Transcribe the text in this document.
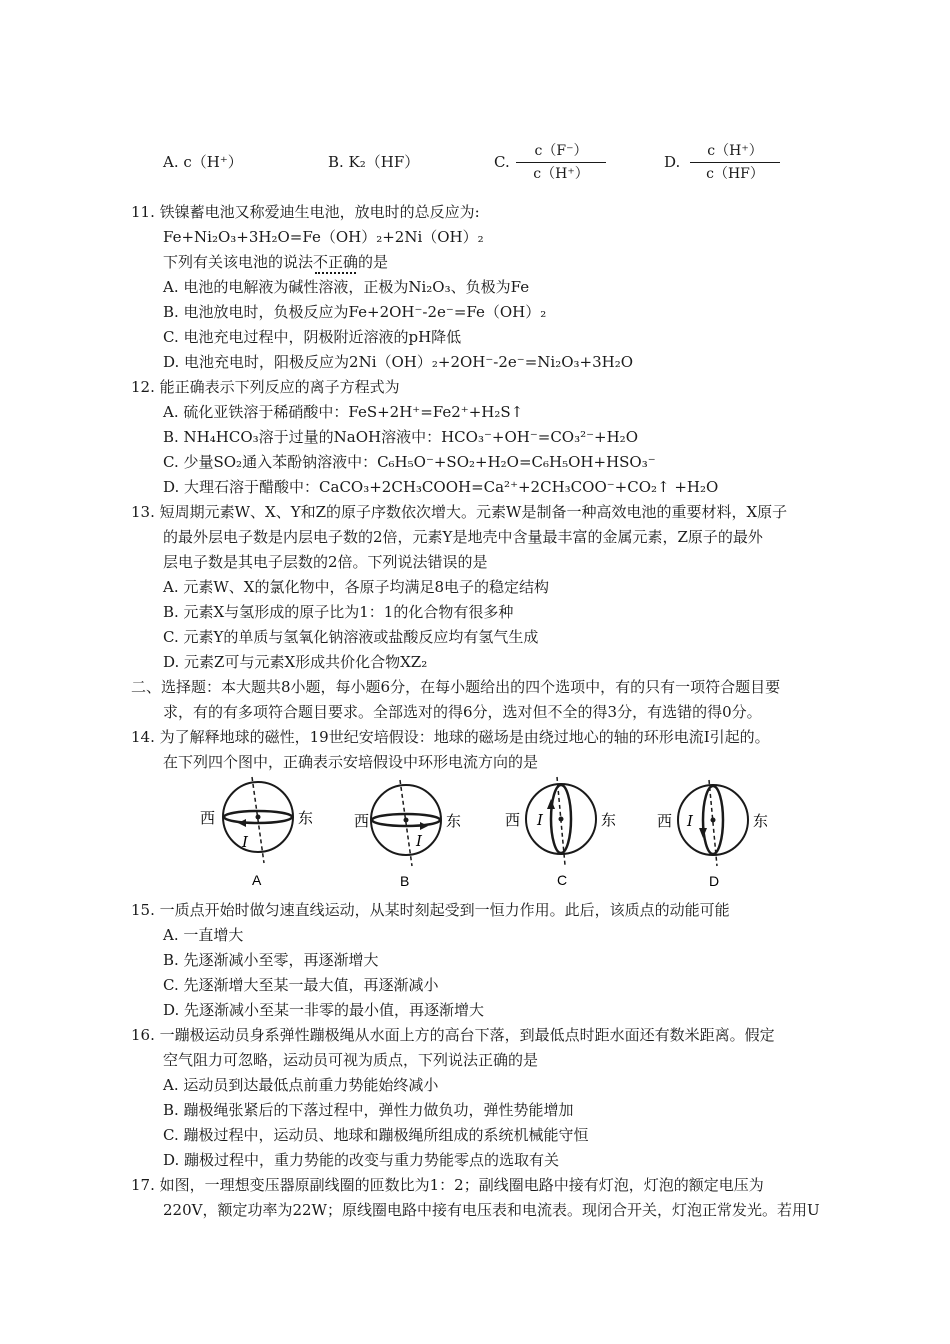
A. c（H⁺）	B. K₂（HF）	C. $\frac{c(F^-)}{c(H^+)}$	D. $\frac{c(H^+)}{c(HF)}$
11. 铁镍蓄电池又称爱迪生电池，放电时的总反应为:
Fe+Ni₂O₃+3H₂O=Fe（OH）₂+2Ni（OH）₂
下列有关该电池的说法不正确的是
A. 电池的电解液为碱性溶液，正极为Ni₂O₃、负极为Fe
B. 电池放电时，负极反应为Fe+2OH⁻-2e⁻=Fe（OH）₂
C. 电池充电过程中，阴极附近溶液的pH降低
D. 电池充电时，阳极反应为2Ni（OH）₂+2OH⁻-2e⁻=Ni₂O₃+3H₂O
12. 能正确表示下列反应的离子方程式为
A. 硫化亚铁溶于稀硝酸中：FeS+2H⁺=Fe2⁺+H₂S↑
B. NH₄HCO₃溶于过量的NaOH溶液中：HCO₃⁻+OH⁻=CO₃²⁻+H₂O
C. 少量SO₂通入苯酚钠溶液中：C₆H₅O⁻+SO₂+H₂O=C₆H₅OH+HSO₃⁻
D. 大理石溶于醋酸中：CaCO₃+2CH₃COOH=Ca²⁺+2CH₃COO⁻+CO₂↑ +H₂O
13. 短周期元素W、X、Y和Z的原子序数依次增大。元素W是制备一种高效电池的重要材料，X原子
的最外层电子数是内层电子数的2倍，元素Y是地壳中含量最丰富的金属元素，Z原子的最外
层电子数是其电子层数的2倍。下列说法错误的是
A. 元素W、X的氯化物中，各原子均满足8电子的稳定结构
B. 元素X与氢形成的原子比为1：1的化合物有很多种
C. 元素Y的单质与氢氧化钠溶液或盐酸反应均有氢气生成
D. 元素Z可与元素X形成共价化合物XZ₂
二、选择题：本大题共8小题，每小题6分，在每小题给出的四个选项中，有的只有一项符合题目要
求，有的有多项符合题目要求。全部选对的得6分，选对但不全的得3分，有选错的得0分。
14. 为了解释地球的磁性，19世纪安培假设：地球的磁场是由绕过地心的轴的环形电流Ⅰ引起的。
在下列四个图中，正确表示安培假设中环形电流方向的是
西	东
I
A
西	东
I
B
西	东
I
C
西	东
I
D
15. 一质点开始时做匀速直线运动，从某时刻起受到一恒力作用。此后，该质点的动能可能
A. 一直增大
B. 先逐渐减小至零，再逐渐增大
C. 先逐渐增大至某一最大值，再逐渐减小
D. 先逐渐减小至某一非零的最小值，再逐渐增大
16. 一蹦极运动员身系弹性蹦极绳从水面上方的高台下落，到最低点时距水面还有数米距离。假定
空气阻力可忽略，运动员可视为质点，下列说法正确的是
A. 运动员到达最低点前重力势能始终减小
B. 蹦极绳张紧后的下落过程中，弹性力做负功，弹性势能增加
C. 蹦极过程中，运动员、地球和蹦极绳所组成的系统机械能守恒
D. 蹦极过程中，重力势能的改变与重力势能零点的选取有关
17. 如图，一理想变压器原副线圈的匝数比为1：2；副线圈电路中接有灯泡，灯泡的额定电压为
220V，额定功率为22W；原线圈电路中接有电压表和电流表。现闭合开关，灯泡正常发光。若用U
